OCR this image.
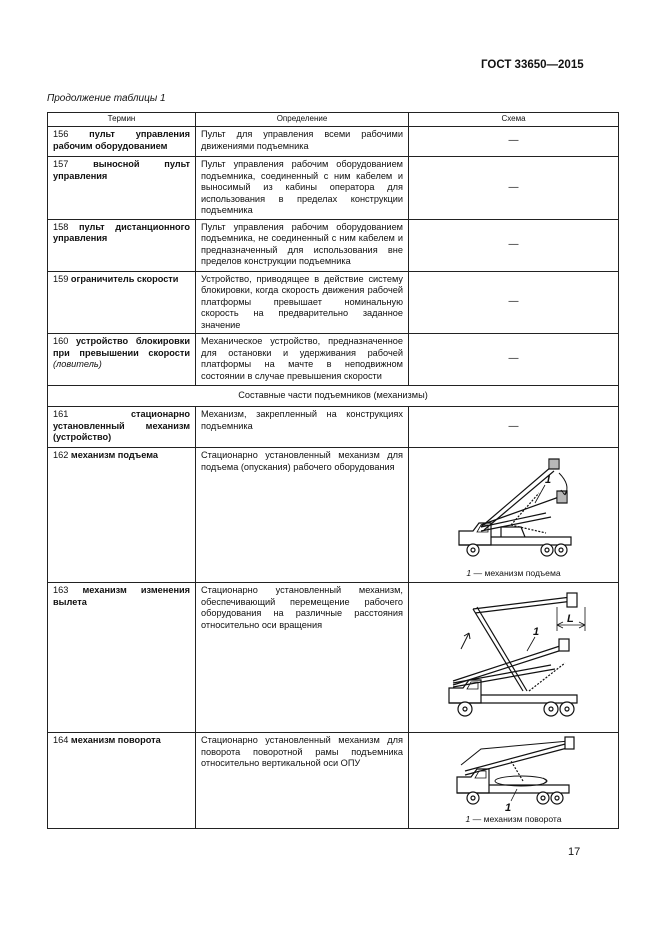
ГОСТ 33650—2015
Продолжение таблицы 1
Термин	Определение	Схема
156 пульт управления рабочим оборудованием	Пульт для управления всеми рабочими движениями подъемника	—
157 выносной пульт управления	Пульт управления рабочим оборудованием подъемника, соединенный с ним кабелем и выносимый из кабины оператора для использования в пределах конструкции подъемника	—
158 пульт дистанционного управления	Пульт управления рабочим оборудованием подъемника, не соединенный с ним кабелем и предназначенный для использования вне пределов конструкции подъемника	—
159 ограничитель скорости	Устройство, приводящее в действие систему блокировки, когда скорость движения рабочей платформы превышает номинальную скорость на предварительно заданное значение	—
160 устройство блокировки при превышении скорости (ловитель)	Механическое устройство, предназначенное для остановки и удерживания рабочей платформы на мачте в неподвижном состоянии в случае превышения скорости	—
Составные части подъемников (механизмы)		
161 стационарно установленный механизм (устройство)	Механизм, закрепленный на конструкциях подъемника	—
162 механизм подъема	Стационарно установленный механизм для подъема (опускания) рабочего оборудования	1
1 — механизм подъема

163 механизм изменения вылета	Стационарно установленный механизм, обеспечивающий перемещение рабочего оборудования на различные расстояния относительно оси вращения	L
1

164 механизм поворота	Стационарно установленный механизм для поворота поворотной рамы подъемника относительно вертикальной оси ОПУ	1
1 — механизм поворота
17
